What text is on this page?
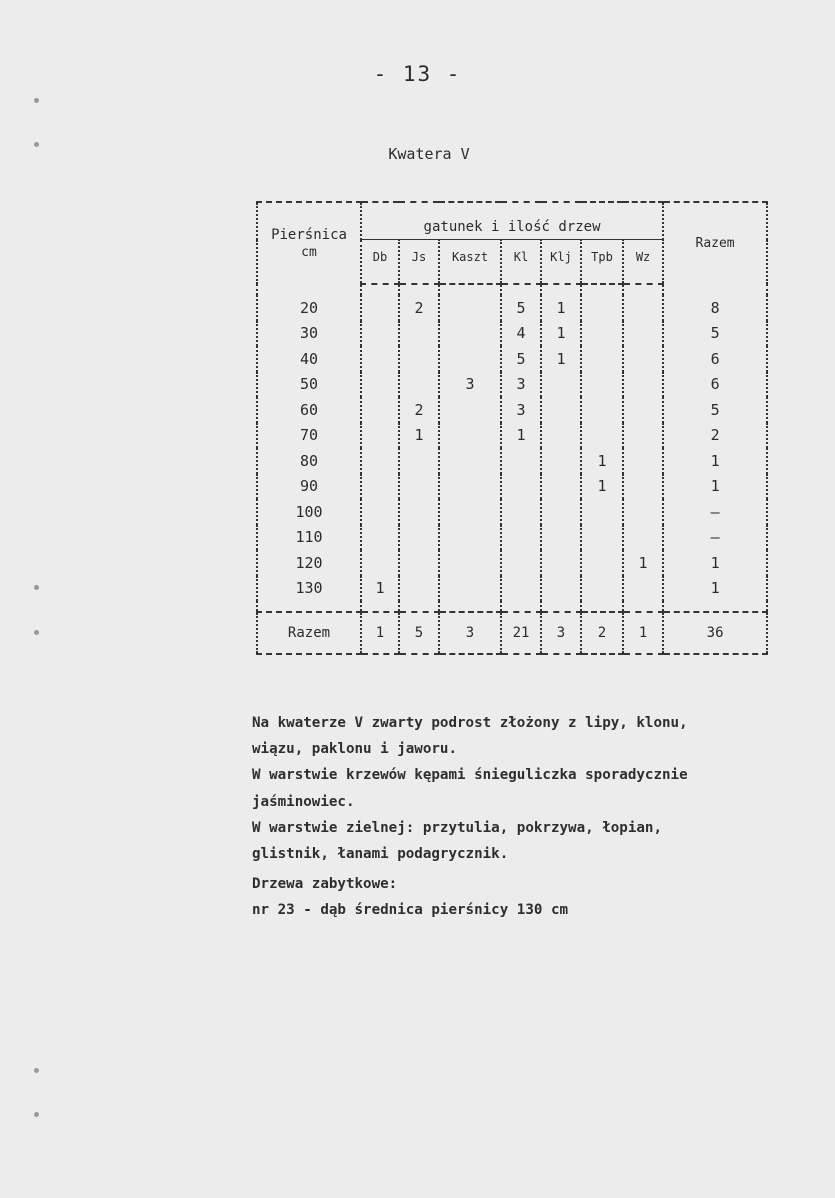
- 13 -
Kwatera V
Pierśnica
cm	gatunek i ilość drzew							Razem
	Db	Js	Kaszt	Kl	Klj	Tpb	Wz	

20		2		5	1			8
30				4	1			5
40				5	1			6
50			3	3				6
60		2		3				5
70		1		1				2
80						1		1
90						1		1
100								–
110								–
120							1	1
130	1							1

Razem	1	5	3	21	3	2	1	36

Na kwaterze V zwarty podrost złożony z lipy, klonu,

wiązu, paklonu i jaworu.

W warstwie krzewów kępami śnieguliczka sporadycznie

jaśminowiec.

W warstwie zielnej: przytulia, pokrzywa, łopian,

glistnik, łanami podagrycznik.

Drzewa zabytkowe:

nr 23 - dąb średnica pierśnicy 130 cm
